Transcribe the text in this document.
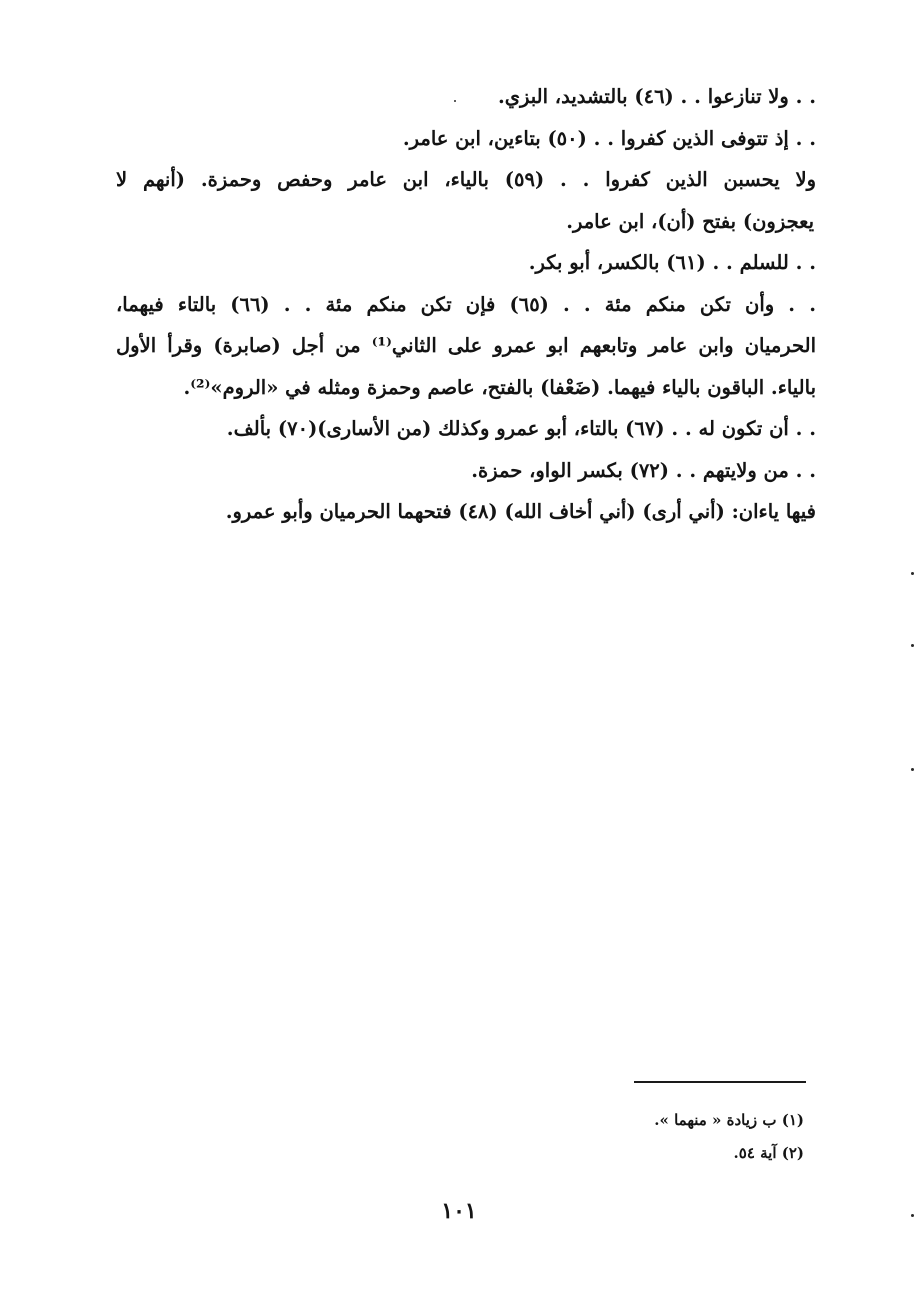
. . ولا تنازعوا . . (٤٦) بالتشديد، البزي.
. . إذ تتوفى الذين كفروا . . (٥٠) بتاءين، ابن عامر.
ولا يحسبن الذين كفروا . . (٥٩) بالياء، ابن عامر وحفص وحمزة. (أنهم لا
يعجزون) بفتح (أن)، ابن عامر.
. . للسلم . . (٦١) بالكسر، أبو بكر.
. . وأن تكن منكم مئة . . (٦٥) فإن تكن منكم مئة . . (٦٦) بالتاء فيهما،
الحرميان وابن عامر وتابعهم ابو عمرو على الثاني⁽¹⁾ من أجل (صابرة) وقرأ الأول
بالياء. الباقون بالياء فيهما. (ضَعْفا) بالفتح، عاصم وحمزة ومثله في «الروم»⁽²⁾.
. . أن تكون له . . (٦٧) بالتاء، أبو عمرو وكذلك (من الأسارى)(٧٠) بألف.
. . من ولايتهم . . (٧٢) بكسر الواو، حمزة.
فيها ياءان: (أني أرى) (أني أخاف الله) (٤٨) فتحهما الحرميان وأبو عمرو.
(١) ب زيادة « منهما ».
(٢) آية ٥٤.
١٠١
